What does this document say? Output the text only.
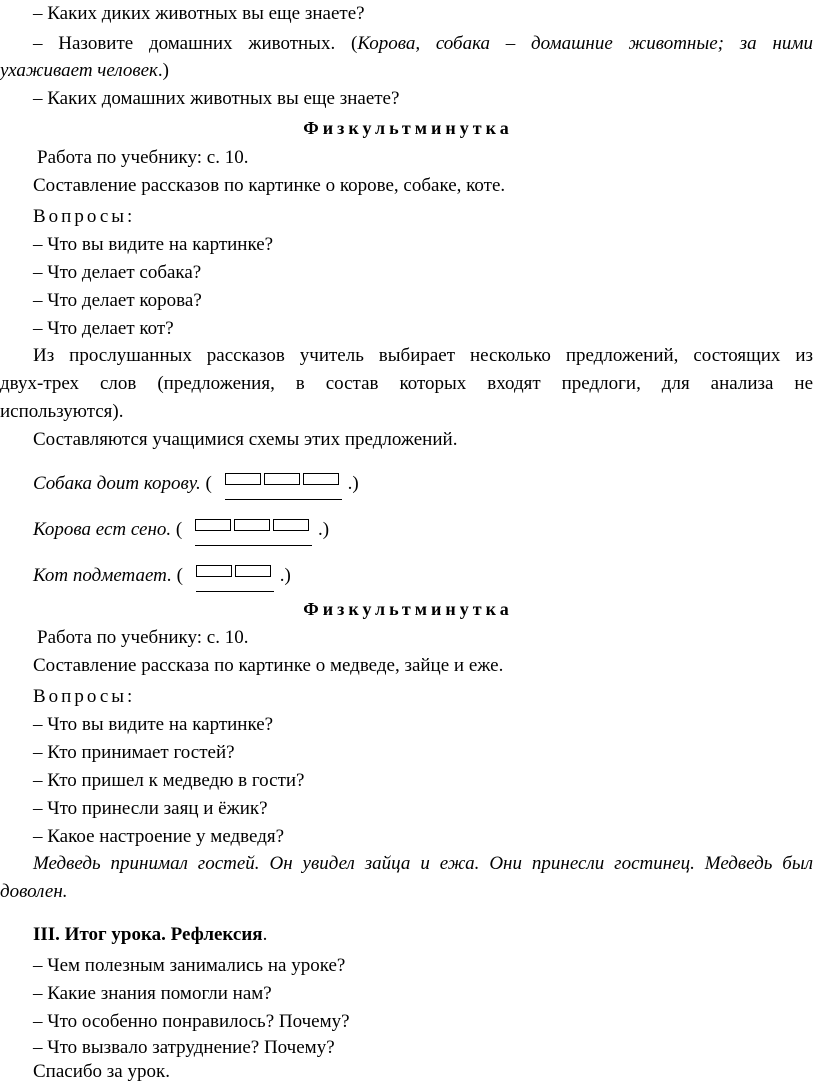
– Каких диких животных вы еще знаете?
– Назовите домашних животных. (Корова, собака – домашние животные; за ними
ухаживает человек.)
– Каких домашних животных вы еще знаете?
Физкультминутка
Работа по учебнику: с. 10.
Составление рассказов по картинке о корове, собаке, коте.
Вопросы:
– Что вы видите на картинке?
– Что делает собака?
– Что делает корова?
– Что делает кот?
Из прослушанных рассказов учитель выбирает несколько предложений, состоящих из
двух-трех слов (предложения, в состав которых входят предлоги, для анализа не
используются).
Составляются учащимися схемы этих предложений.
Собака доит корову. (	.)
Корова ест сено. (	.)
Кот подметает. (	.)
Физкультминутка
Работа по учебнику: с. 10.
Составление рассказа по картинке о медведе, зайце и еже.
Вопросы:
– Что вы видите на картинке?
– Кто принимает гостей?
– Кто пришел к медведю в гости?
– Что принесли заяц и ёжик?
– Какое настроение у медведя?
Медведь принимал гостей. Он увидел зайца и ежа. Они принесли гостинец. Медведь был
доволен.
III. Итог урока. Рефлексия.
– Чем полезным занимались на уроке?
– Какие знания помогли нам?
– Что особенно понравилось? Почему?
– Что вызвало затруднение? Почему?
Спасибо за урок.
